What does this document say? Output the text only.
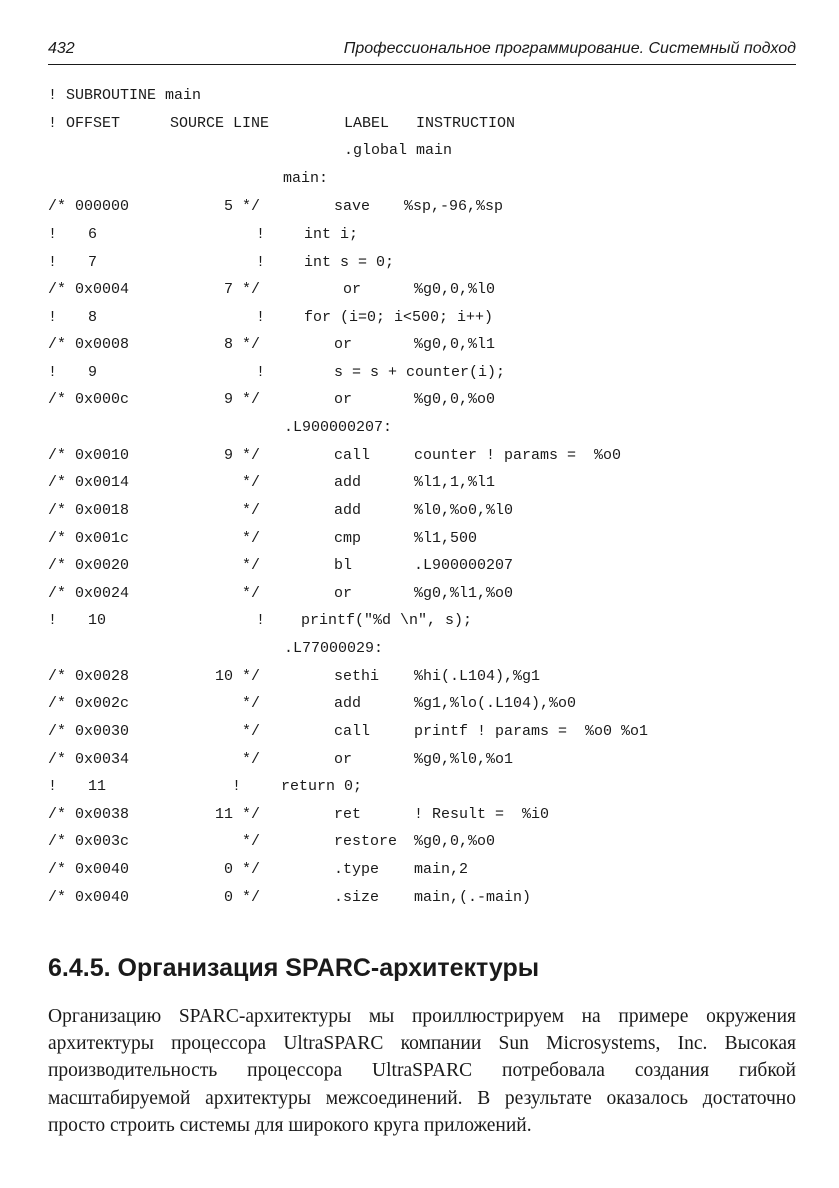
432	Профессиональное программирование. Системный подход
! SUBROUTINE main
! OFFSET	SOURCE LINE	LABEL INSTRUCTION
.global main
main:
/* 000000	5 */	save %sp,-96,%sp
! 6	!	int i;
! 7	!	int s = 0;
/* 0x0004	7 */	or	%g0,0,%l0
! 8	!	for (i=0; i<500; i++)
/* 0x0008	8 */	or	%g0,0,%l1
! 9	!	s = s + counter(i);
/* 0x000c	9 */	or	%g0,0,%o0
.L900000207:
/* 0x0010	9 */	call	counter ! params =  %o0
/* 0x0014	*/	add	%l1,1,%l1
/* 0x0018	*/	add	%l0,%o0,%l0
/* 0x001c	*/	cmp	%l1,500
/* 0x0020	*/	bl	.L900000207
/* 0x0024	*/	or	%g0,%l1,%o0
! 10	! printf("%d \n", s);
.L77000029:
/* 0x0028	10 */	sethi %hi(.L104),%g1
/* 0x002c	*/	add	%g1,%lo(.L104),%o0
/* 0x0030	*/	call	printf ! params =  %o0 %o1
/* 0x0034	*/	or	%g0,%l0,%o1
! 11	!	return 0;
/* 0x0038	11 */	ret	! Result =  %i0
/* 0x003c	*/	restore %g0,0,%o0
/* 0x0040	0 */	.type main,2
/* 0x0040	0 */	.size main,(.-main)
6.4.5. Организация SPARC-архитектуры

Организацию SPARC-архитектуры мы проиллюстрируем на примере окружения архитектуры процессора UltraSPARC компании Sun Microsystems, Inc. Высокая производительность процессора UltraSPARC потребовала создания гибкой масштабируемой архитектуры межсоединений. В результате оказалось достаточно просто строить системы для широкого круга приложений.
